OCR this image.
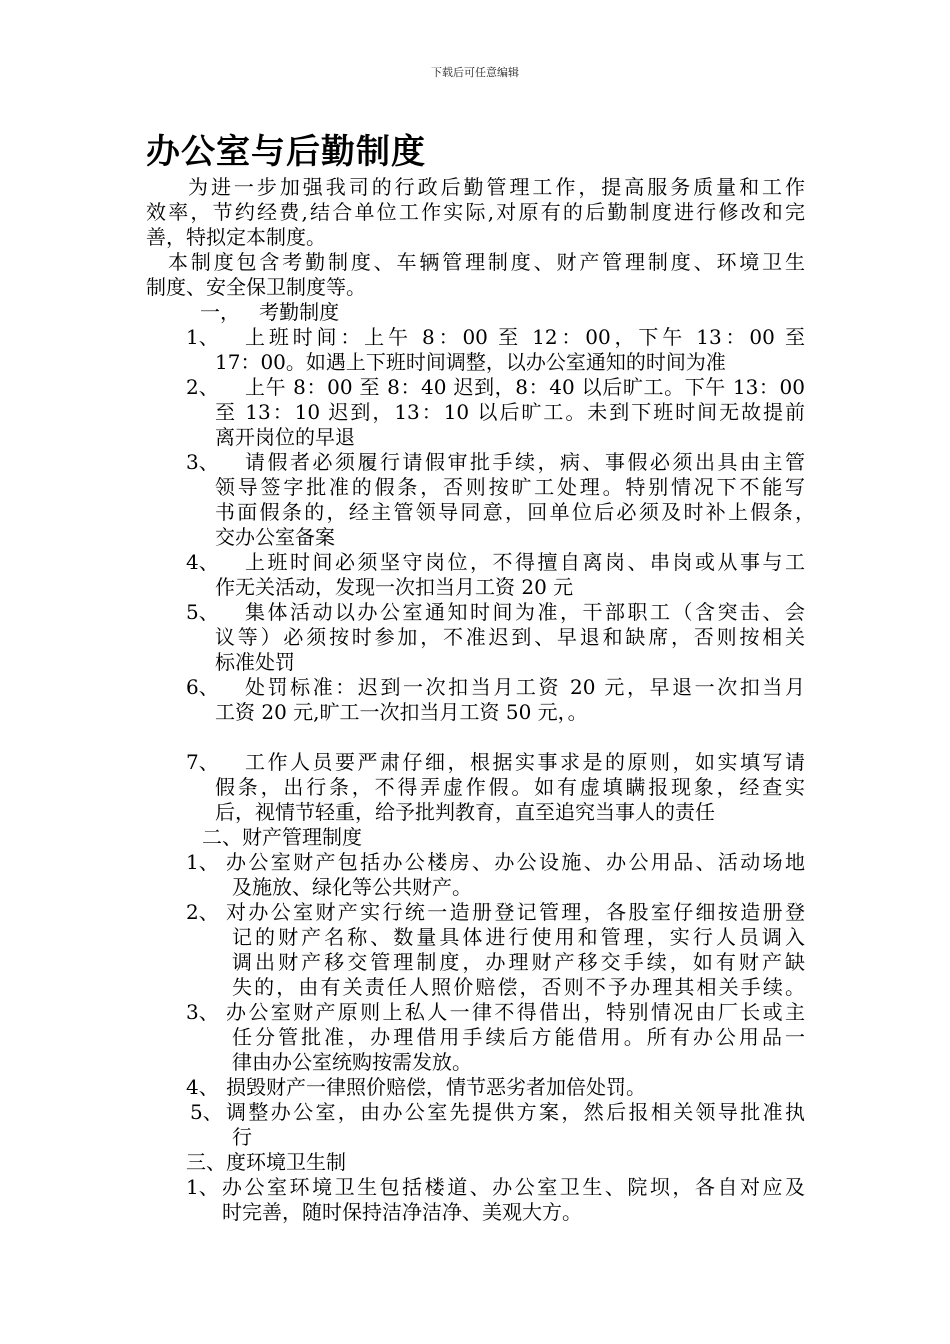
下载后可任意编辑
办公室与后勤制度
为进一步加强我司的行政后勤管理工作，提高服务质量和工作
效率，节约经费,结合单位工作实际,对原有的后勤制度进行修改和完
善，特拟定本制度。
本制度包含考勤制度、车辆管理制度、财产管理制度、环境卫生
制度、安全保卫制度等。
一，   考勤制度
1、 上班时间：上午 8：00 至 12：00，下午 13：00 至
17：00。如遇上下班时间调整，以办公室通知的时间为准
2、 上午 8：00 至 8：40 迟到，8：40 以后旷工。下午 13：00
至 13：10 迟到，13：10 以后旷工。未到下班时间无故提前
离开岗位的早退
3、 请假者必须履行请假审批手续，病、事假必须出具由主管
领导签字批准的假条，否则按旷工处理。特别情况下不能写
书面假条的，经主管领导同意，回单位后必须及时补上假条，
交办公室备案
4、 上班时间必须坚守岗位，不得擅自离岗、串岗或从事与工
作无关活动，发现一次扣当月工资 20 元
5、 集体活动以办公室通知时间为准，干部职工（含突击、会
议等）必须按时参加，不准迟到、早退和缺席，否则按相关
标准处罚
6、 处罚标准：迟到一次扣当月工资 20 元，早退一次扣当月
工资 20 元,旷工一次扣当月工资 50 元，。
7、 工作人员要严肃仔细，根据实事求是的原则，如实填写请
假条，出行条，不得弄虚作假。如有虚填瞒报现象，经查实
后，视情节轻重，给予批判教育，直至追究当事人的责任
二、财产管理制度
1、 办公室财产包括办公楼房、办公设施、办公用品、活动场地
及施放、绿化等公共财产。
2、 对办公室财产实行统一造册登记管理，各股室仔细按造册登
记的财产名称、数量具体进行使用和管理，实行人员调入
调出财产移交管理制度，办理财产移交手续，如有财产缺
失的，由有关责任人照价赔偿，否则不予办理其相关手续。
3、 办公室财产原则上私人一律不得借出，特别情况由厂长或主
任分管批准，办理借用手续后方能借用。所有办公用品一
律由办公室统购按需发放。
4、 损毁财产一律照价赔偿，情节恶劣者加倍处罚。
5、 调整办公室，由办公室先提供方案，然后报相关领导批准执
行
三、度环境卫生制
1、 办公室环境卫生包括楼道、办公室卫生、院坝，各自对应及
时完善，随时保持洁净洁净、美观大方。
